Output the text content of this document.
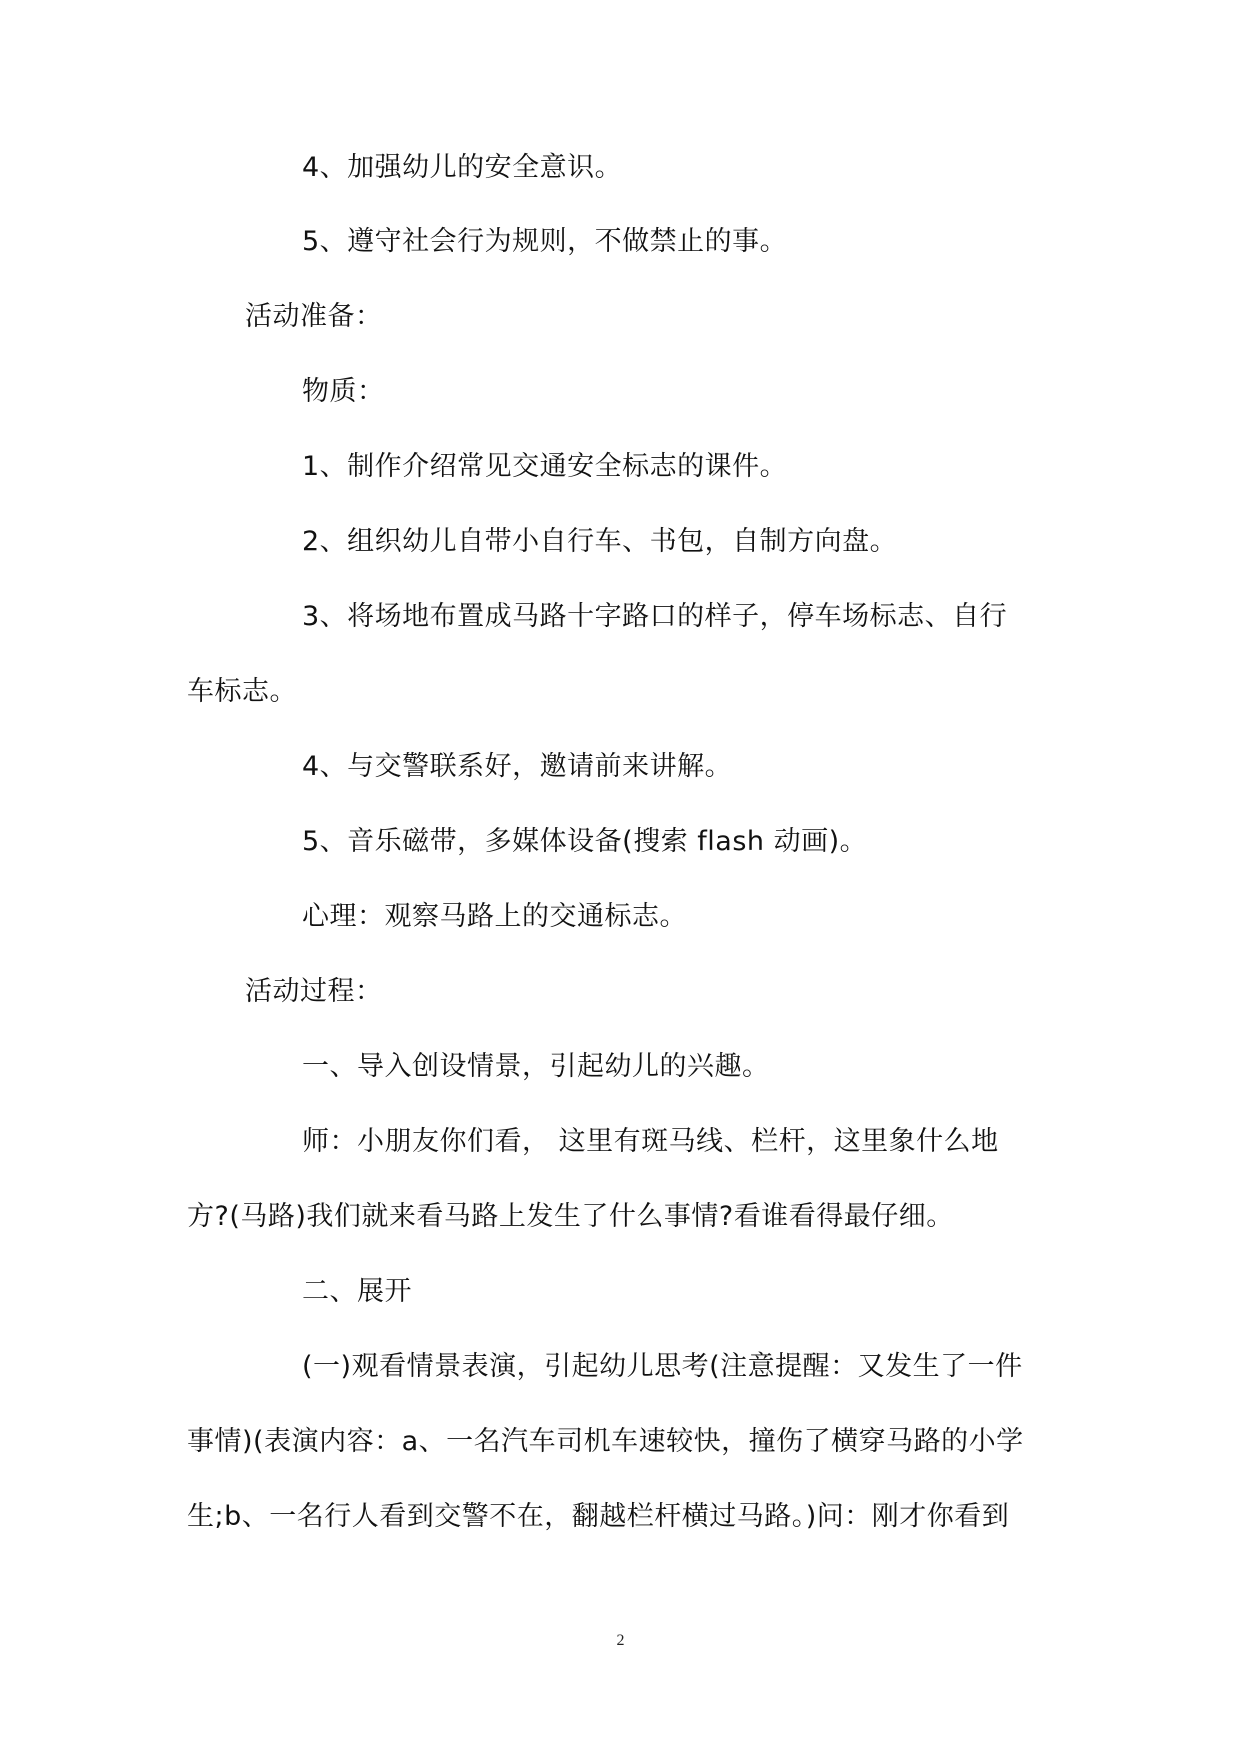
4、加强幼儿的安全意识。
5、遵守社会行为规则，不做禁止的事。
活动准备：
物质：
1、制作介绍常见交通安全标志的课件。
2、组织幼儿自带小自行车、书包，自制方向盘。
3、将场地布置成马路十字路口的样子，停车场标志、自行
车标志。
4、与交警联系好，邀请前来讲解。
5、音乐磁带，多媒体设备(搜索 flash 动画)。
心理：观察马路上的交通标志。
活动过程：
一、导入创设情景，引起幼儿的兴趣。
师：小朋友你们看， 这里有斑马线、栏杆，这里象什么地
方?(马路)我们就来看马路上发生了什么事情?看谁看得最仔细。
二、展开
(一)观看情景表演，引起幼儿思考(注意提醒：又发生了一件
事情)(表演内容：a、一名汽车司机车速较快，撞伤了横穿马路的小学
生;b、一名行人看到交警不在，翻越栏杆横过马路。)问：刚才你看到
2
